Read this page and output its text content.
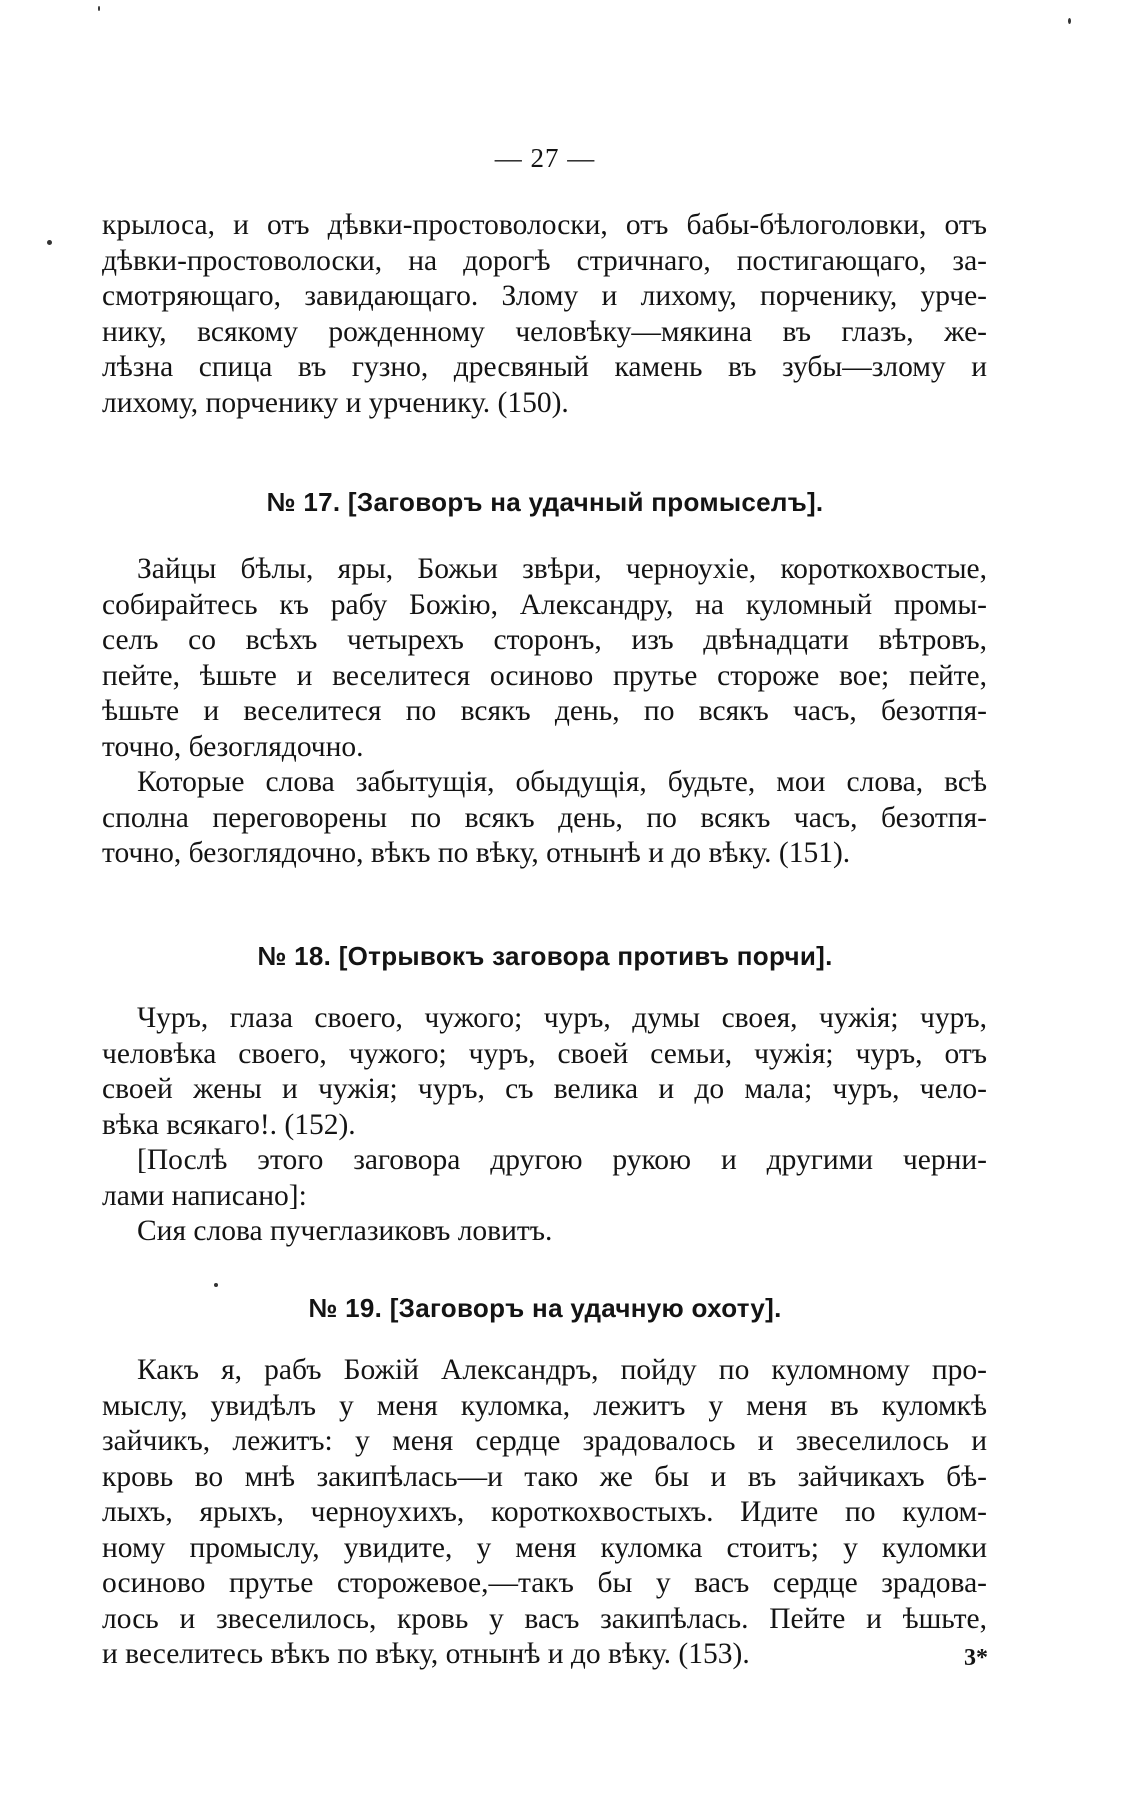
— 27 —
крылоса, и отъ дѣвки-простоволоски, отъ бабы-бѣлоголовки, отъ
дѣвки-простоволоски, на дорогѣ стричнаго, постигающаго, за-
смотряющаго, завидающаго. Злому и лихому, порченику, урче-
нику, всякому рожденному человѣку—мякина въ глазъ, же-
лѣзна спица въ гузно, дресвяный камень въ зубы—злому и
лихому, порченику и урченику. (150).
№ 17. [Заговоръ на удачный промыселъ].
Зайцы бѣлы, яры, Божьи звѣри, черноухіе, короткохвостые,
собирайтесь къ рабу Божію, Александру, на куломный промы-
селъ со всѣхъ четырехъ сторонъ, изъ двѣнадцати вѣтровъ,
пейте, ѣшьте и веселитеся осиново прутье стороже вое; пейте,
ѣшьте и веселитеся по всякъ день, по всякъ часъ, безотпя-
точно, безоглядочно.
Которые слова забытущія, обыдущія, будьте, мои слова, всѣ
сполна переговорены по всякъ день, по всякъ часъ, безотпя-
точно, безоглядочно, вѣкъ по вѣку, отнынѣ и до вѣку. (151).
№ 18. [Отрывокъ заговора противъ порчи].
Чуръ, глаза своего, чужого; чуръ, думы своея, чужія; чуръ,
человѣка своего, чужого; чуръ, своей семьи, чужія; чуръ, отъ
своей жены и чужія; чуръ, съ велика и до мала; чуръ, чело-
вѣка всякаго!. (152).
[Послѣ этого заговора другою рукою и другими черни-
лами написано]:
Сия слова пучеглазиковъ ловитъ.
№ 19. [Заговоръ на удачную охоту].
Какъ я, рабъ Божій Александръ, пойду по куломному про-
мыслу, увидѣлъ у меня куломка, лежитъ у меня въ куломкѣ
зайчикъ, лежитъ: у меня сердце зрадовалось и звеселилось и
кровь во мнѣ закипѣлась—и тако же бы и въ зайчикахъ бѣ-
лыхъ, ярыхъ, черноухихъ, короткохвостыхъ. Идите по кулом-
ному промыслу, увидите, у меня куломка стоитъ; у куломки
осиново прутье сторожевое,—такъ бы у васъ сердце зрадова-
лось и звеселилось, кровь у васъ закипѣлась. Пейте и ѣшьте,
и веселитесь вѣкъ по вѣку, отнынѣ и до вѣку. (153).	3*
